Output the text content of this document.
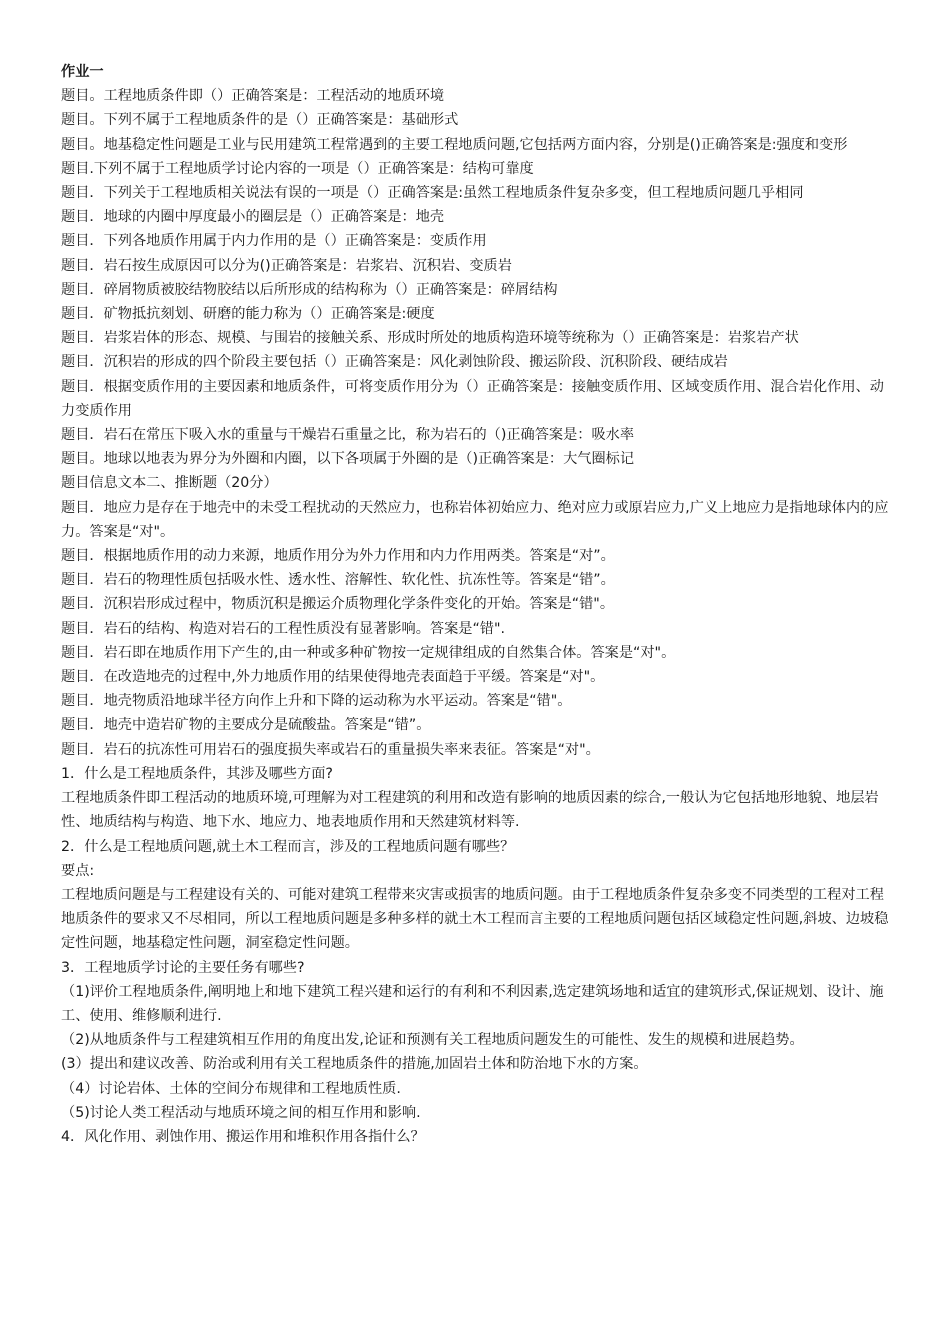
作业一
题目。工程地质条件即（）正确答案是：工程活动的地质环境
题目。下列不属于工程地质条件的是（）正确答案是：基础形式
题目。地基稳定性问题是工业与民用建筑工程常遇到的主要工程地质问题,它包括两方面内容，分别是()正确答案是:强度和变形
题目.下列不属于工程地质学讨论内容的一项是（）正确答案是：结构可靠度
题目．下列关于工程地质相关说法有误的一项是（）正确答案是:虽然工程地质条件复杂多变，但工程地质问题几乎相同
题目．地球的内圈中厚度最小的圈层是（）正确答案是：地壳
题目．下列各地质作用属于内力作用的是（）正确答案是：变质作用
题目．岩石按生成原因可以分为()正确答案是：岩浆岩、沉积岩、变质岩
题目．碎屑物质被胶结物胶结以后所形成的结构称为（）正确答案是：碎屑结构
题目．矿物抵抗刻划、研磨的能力称为（）正确答案是:硬度
题目．岩浆岩体的形态、规模、与围岩的接触关系、形成时所处的地质构造环境等统称为（）正确答案是：岩浆岩产状
题目．沉积岩的形成的四个阶段主要包括（）正确答案是：风化剥蚀阶段、搬运阶段、沉积阶段、硬结成岩
题目．根据变质作用的主要因素和地质条件，可将变质作用分为（）正确答案是：接触变质作用、区域变质作用、混合岩化作用、动力变质作用
题目．岩石在常压下吸入水的重量与干燥岩石重量之比，称为岩石的（)正确答案是：吸水率
题目。地球以地表为界分为外圈和内圈，以下各项属于外圈的是（)正确答案是：大气圈标记
题目信息文本二、推断题（20分）
题目．地应力是存在于地壳中的未受工程扰动的天然应力，也称岩体初始应力、绝对应力或原岩应力,广义上地应力是指地球体内的应力。答案是“对"。
题目．根据地质作用的动力来源，地质作用分为外力作用和内力作用两类。答案是“对”。
题目．岩石的物理性质包括吸水性、透水性、溶解性、软化性、抗冻性等。答案是“错”。
题目．沉积岩形成过程中，物质沉积是搬运介质物理化学条件变化的开始。答案是“错"。
题目．岩石的结构、构造对岩石的工程性质没有显著影响。答案是“错".
题目．岩石即在地质作用下产生的,由一种或多种矿物按一定规律组成的自然集合体。答案是“对"。
题目．在改造地壳的过程中,外力地质作用的结果使得地壳表面趋于平缓。答案是“对"。
题目．地壳物质沿地球半径方向作上升和下降的运动称为水平运动。答案是“错"。
题目．地壳中造岩矿物的主要成分是硫酸盐。答案是“错”。
题目．岩石的抗冻性可用岩石的强度损失率或岩石的重量损失率来表征。答案是“对"。
1．什么是工程地质条件，其涉及哪些方面?
工程地质条件即工程活动的地质环境,可理解为对工程建筑的利用和改造有影响的地质因素的综合,一般认为它包括地形地貌、地层岩性、地质结构与构造、地下水、地应力、地表地质作用和天然建筑材料等.
2．什么是工程地质问题,就土木工程而言，涉及的工程地质问题有哪些？
要点:
工程地质问题是与工程建设有关的、可能对建筑工程带来灾害或损害的地质问题。由于工程地质条件复杂多变不同类型的工程对工程地质条件的要求又不尽相同，所以工程地质问题是多种多样的就土木工程而言主要的工程地质问题包括区域稳定性问题,斜坡、边坡稳定性问题，地基稳定性问题，洞室稳定性问题。
3．工程地质学讨论的主要任务有哪些?
（1)评价工程地质条件,阐明地上和地下建筑工程兴建和运行的有利和不利因素,选定建筑场地和适宜的建筑形式,保证规划、设计、施工、使用、维修顺利进行.
（2)从地质条件与工程建筑相互作用的角度出发,论证和预测有关工程地质问题发生的可能性、发生的规模和进展趋势。
(3）提出和建议改善、防治或利用有关工程地质条件的措施,加固岩土体和防治地下水的方案。
（4）讨论岩体、土体的空间分布规律和工程地质性质.
（5)讨论人类工程活动与地质环境之间的相互作用和影响.
4．风化作用、剥蚀作用、搬运作用和堆积作用各指什么？
